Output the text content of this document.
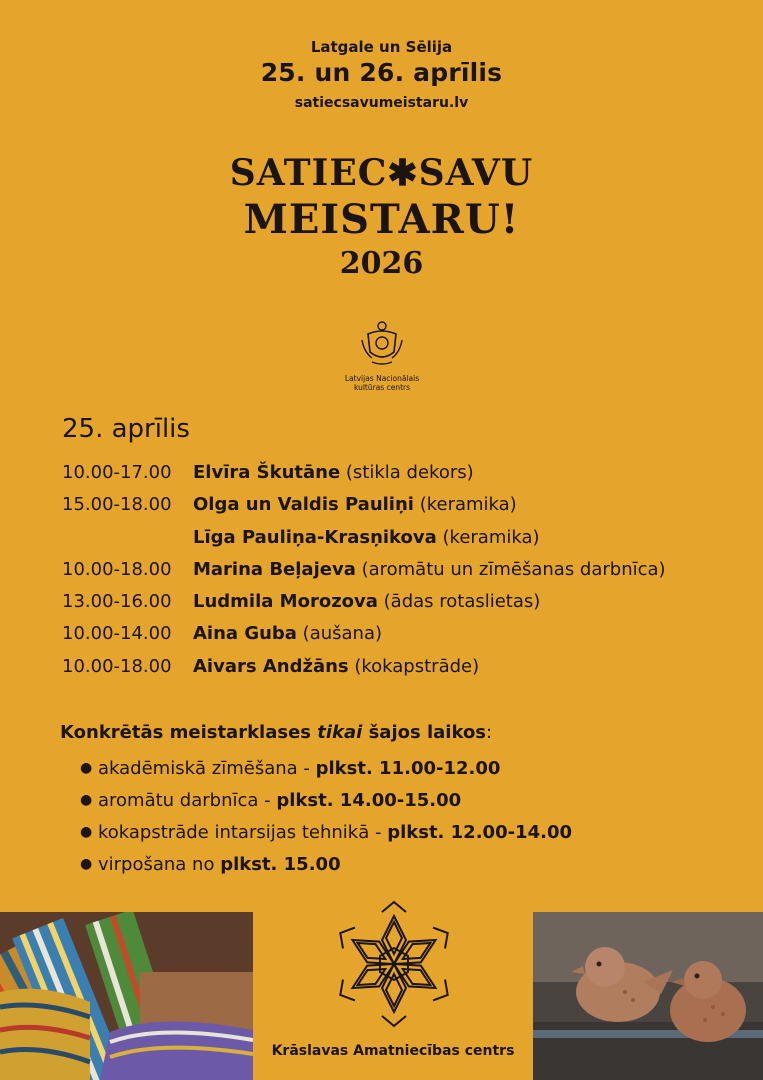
Latgale un Sēlija
25. un 26. aprīlis
satiecsavumeistaru.lv
SATIEC✱SAVU
MEISTARU!
2026
Latvijas Nacionālais
kultūras centrs
25. aprīlis
10.00-17.00	Elvīra Škutāne (stikla dekors)
15.00-18.00	Olga un Valdis Pauliņi (keramika)
Līga Pauliņa-Krasņikova (keramika)
10.00-18.00	Marina Beļajeva (aromātu un zīmēšanas darbnīca)
13.00-16.00	Ludmila Morozova (ādas rotaslietas)
10.00-14.00	Aina Guba (aušana)
10.00-18.00	Aivars Andžāns (kokapstrāde)
Konkrētās meistarklases tikai šajos laikos:
● akadēmiskā zīmēšana - plkst. 11.00-12.00
● aromātu darbnīca - plkst. 14.00-15.00
● kokapstrāde intarsijas tehnikā - plkst. 12.00-14.00
● virpošana no plkst. 15.00
Krāslavas Amatniecības centrs
